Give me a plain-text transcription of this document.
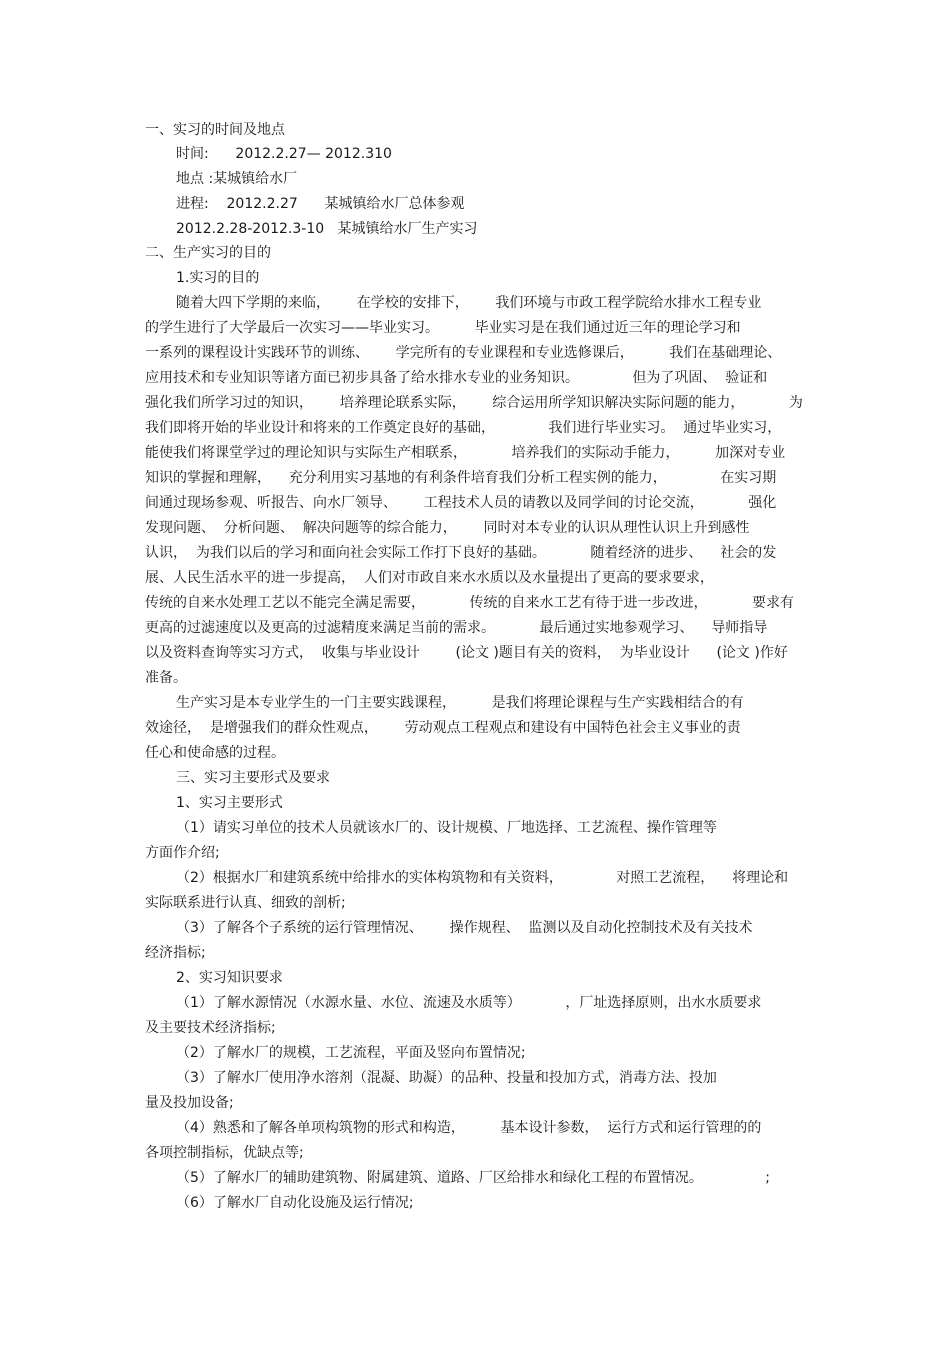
一、实习的时间及地点
时间:      2012.2.27— 2012.310
地点 :某城镇给水厂
进程:    2012.2.27      某城镇给水厂总体参观
2012.2.28-2012.3-10   某城镇给水厂生产实习
二、生产实习的目的
1.实习的目的
随着大四下学期的来临，      在学校的安排下，      我们环境与市政工程学院给水排水工程专业
的学生进行了大学最后一次实习——毕业实习。        毕业实习是在我们通过近三年的理论学习和
一系列的课程设计实践环节的训练、      学完所有的专业课程和专业选修课后，        我们在基础理论、
应用技术和专业知识等诸方面已初步具备了给水排水专业的业务知识。            但为了巩固、  验证和
强化我们所学习过的知识，      培养理论联系实际，      综合运用所学知识解决实际问题的能力，          为
我们即将开始的毕业设计和将来的工作奠定良好的基础，            我们进行毕业实习。  通过毕业实习，
能使我们将课堂学过的理论知识与实际生产相联系，          培养我们的实际动手能力，        加深对专业
知识的掌握和理解，    充分利用实习基地的有利条件培育我们分析工程实例的能力，            在实习期
间通过现场参观、听报告、向水厂领导、      工程技术人员的请教以及同学间的讨论交流，          强化
发现问题、  分析问题、  解决问题等的综合能力，      同时对本专业的认识从理性认识上升到感性
认识，  为我们以后的学习和面向社会实际工作打下良好的基础。          随着经济的进步、    社会的发
展、人民生活水平的进一步提高，  人们对市政自来水水质以及水量提出了更高的要求要求，
传统的自来水处理工艺以不能完全满足需要，          传统的自来水工艺有待于进一步改进，          要求有
更高的过滤速度以及更高的过滤精度来满足当前的需求。          最后通过实地参观学习、    导师指导
以及资料查询等实习方式，  收集与毕业设计        (论文 )题目有关的资料，  为毕业设计      (论文 )作好
准备。
生产实习是本专业学生的一门主要实践课程，        是我们将理论课程与生产实践相结合的有
效途径，  是增强我们的群众性观点，      劳动观点工程观点和建设有中国特色社会主义事业的责
任心和使命感的过程。
三、实习主要形式及要求
1、实习主要形式
（1）请实习单位的技术人员就该水厂的、设计规模、厂地选择、工艺流程、操作管理等
方面作介绍;
（2）根据水厂和建筑系统中给排水的实体构筑物和有关资料，            对照工艺流程，    将理论和
实际联系进行认真、细致的剖析;
（3）了解各个子系统的运行管理情况、      操作规程、  监测以及自动化控制技术及有关技术
经济指标;
2、实习知识要求
（1）了解水源情况（水源水量、水位、流速及水质等）          ，厂址选择原则，出水水质要求
及主要技术经济指标;
（2）了解水厂的规模，工艺流程，平面及竖向布置情况;
（3）了解水厂使用净水溶剂（混凝、助凝）的品种、投量和投加方式，消毒方法、投加
量及投加设备;
（4）熟悉和了解各单项构筑物的形式和构造，        基本设计参数，  运行方式和运行管理的的
各项控制指标，优缺点等;
（5）了解水厂的辅助建筑物、附属建筑、道路、厂区给排水和绿化工程的布置情况。              ;
（6）了解水厂自动化设施及运行情况;
